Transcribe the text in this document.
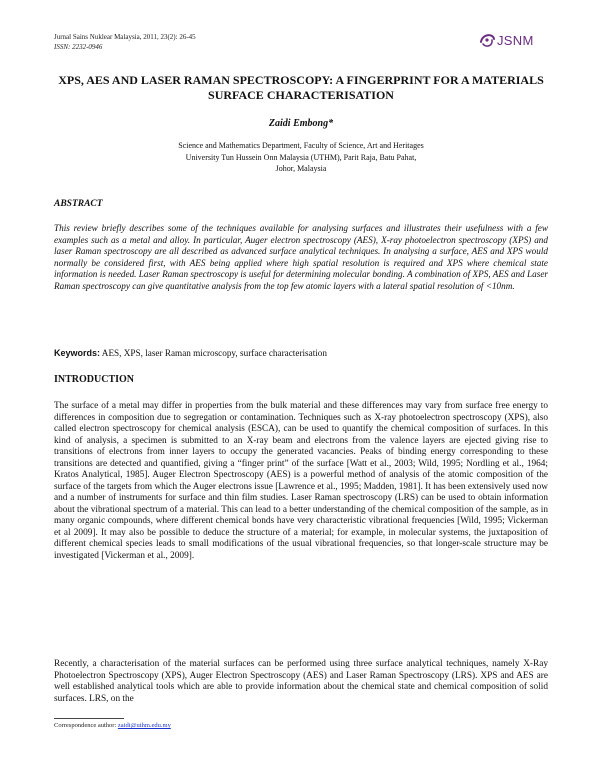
Jurnal Sains Nuklear Malaysia, 2011, 23(2): 26-45
ISSN: 2232-0946	JSNM
XPS, AES AND LASER RAMAN SPECTROSCOPY: A FINGERPRINT FOR A MATERIALS SURFACE CHARACTERISATION
Zaidi Embong*
Science and Mathematics Department, Faculty of Science, Art and Heritages
University Tun Hussein Onn Malaysia (UTHM), Parit Raja, Batu Pahat,
Johor, Malaysia
ABSTRACT
This review briefly describes some of the techniques available for analysing surfaces and illustrates their usefulness with a few examples such as a metal and alloy. In particular, Auger electron spectroscopy (AES), X-ray photoelectron spectroscopy (XPS) and laser Raman spectroscopy are all described as advanced surface analytical techniques. In analysing a surface, AES and XPS would normally be considered first, with AES being applied where high spatial resolution is required and XPS where chemical state information is needed. Laser Raman spectroscopy is useful for determining molecular bonding. A combination of XPS, AES and Laser Raman spectroscopy can give quantitative analysis from the top few atomic layers with a lateral spatial resolution of <10nm.
Keywords: AES, XPS, laser Raman microscopy, surface characterisation
INTRODUCTION
The surface of a metal may differ in properties from the bulk material and these differences may vary from surface free energy to differences in composition due to segregation or contamination. Techniques such as X-ray photoelectron spectroscopy (XPS), also called electron spectroscopy for chemical analysis (ESCA), can be used to quantify the chemical composition of surfaces. In this kind of analysis, a specimen is submitted to an X-ray beam and electrons from the valence layers are ejected giving rise to transitions of electrons from inner layers to occupy the generated vacancies. Peaks of binding energy corresponding to these transitions are detected and quantified, giving a “finger print” of the surface [Watt et al., 2003; Wild, 1995; Nordling et al., 1964; Kratos Analytical, 1985]. Auger Electron Spectroscopy (AES) is a powerful method of analysis of the atomic composition of the surface of the targets from which the Auger electrons issue [Lawrence et al., 1995; Madden, 1981]. It has been extensively used now and a number of instruments for surface and thin film studies. Laser Raman spectroscopy (LRS) can be used to obtain information about the vibrational spectrum of a material. This can lead to a better understanding of the chemical composition of the sample, as in many organic compounds, where different chemical bonds have very characteristic vibrational frequencies [Wild, 1995; Vickerman et al 2009]. It may also be possible to deduce the structure of a material; for example, in molecular systems, the juxtaposition of different chemical species leads to small modifications of the usual vibrational frequencies, so that longer-scale structure may be investigated [Vickerman et al., 2009].
Recently, a characterisation of the material surfaces can be performed using three surface analytical techniques, namely X-Ray Photoelectron Spectroscopy (XPS), Auger Electron Spectroscopy (AES) and Laser Raman Spectroscopy (LRS). XPS and AES are well established analytical tools which are able to provide information about the chemical state and chemical composition of solid surfaces. LRS, on the
Correspondence author: zaidi@uthm.edu.my
